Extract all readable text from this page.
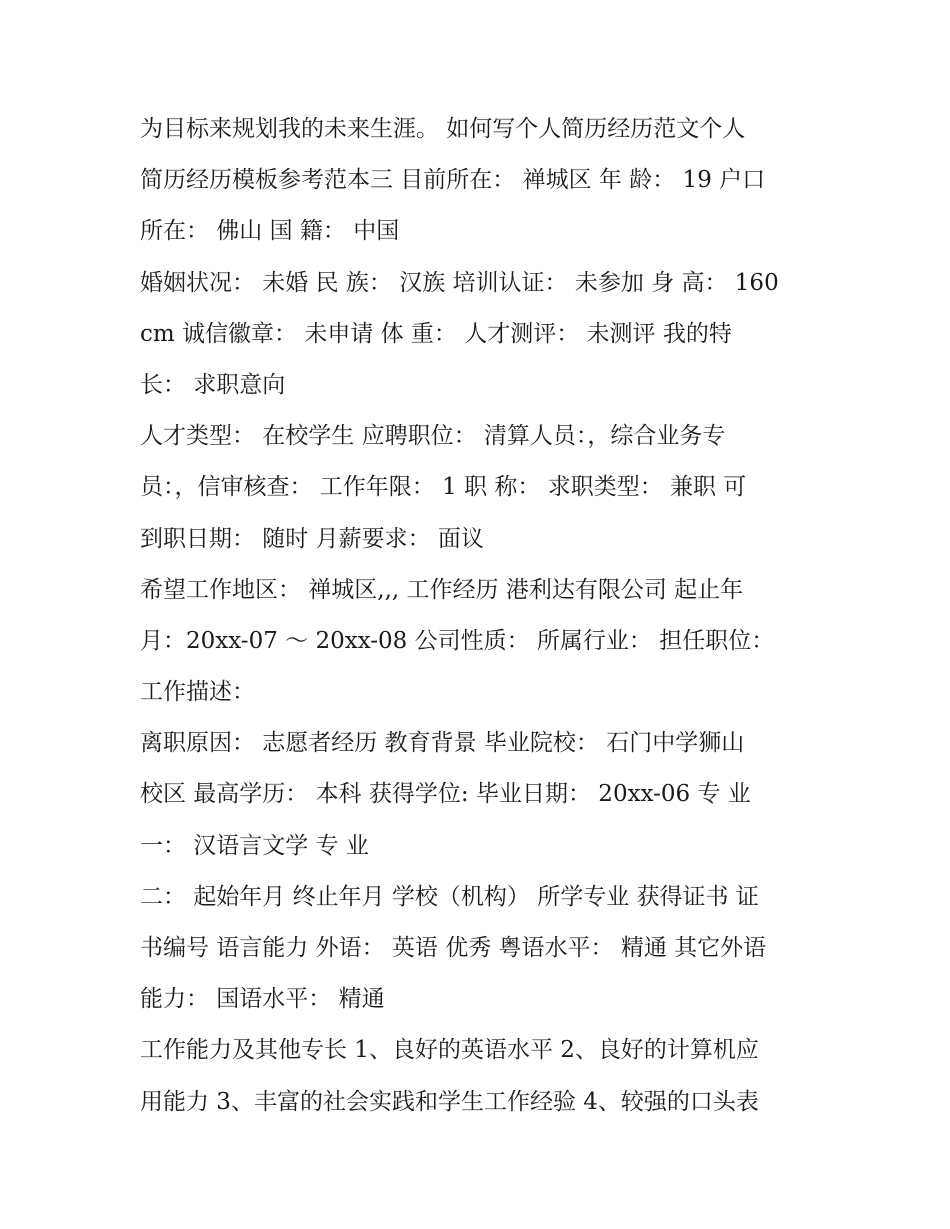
为目标来规划我的未来生涯。 如何写个人简历经历范文个人
简历经历模板参考范本三 目前所在： 禅城区 年 龄： 19 户口
所在： 佛山 国 籍： 中国
婚姻状况： 未婚 民 族： 汉族 培训认证： 未参加 身 高： 160
cm 诚信徽章： 未申请 体 重： 人才测评： 未测评 我的特
长： 求职意向
人才类型： 在校学生 应聘职位： 清算人员：，综合业务专
员：，信审核查： 工作年限： 1 职 称： 求职类型： 兼职 可
到职日期： 随时 月薪要求： 面议
希望工作地区： 禅城区,,, 工作经历 港利达有限公司 起止年
月：20xx-07 ～ 20xx-08 公司性质： 所属行业： 担任职位：
工作描述：
离职原因： 志愿者经历 教育背景 毕业院校： 石门中学狮山
校区 最高学历： 本科 获得学位: 毕业日期： 20xx-06 专 业
一： 汉语言文学 专 业
二： 起始年月 终止年月 学校（机构） 所学专业 获得证书 证
书编号 语言能力 外语： 英语 优秀 粤语水平： 精通 其它外语
能力： 国语水平： 精通
工作能力及其他专长 1、良好的英语水平 2、良好的计算机应
用能力 3、丰富的社会实践和学生工作经验 4、较强的口头表
